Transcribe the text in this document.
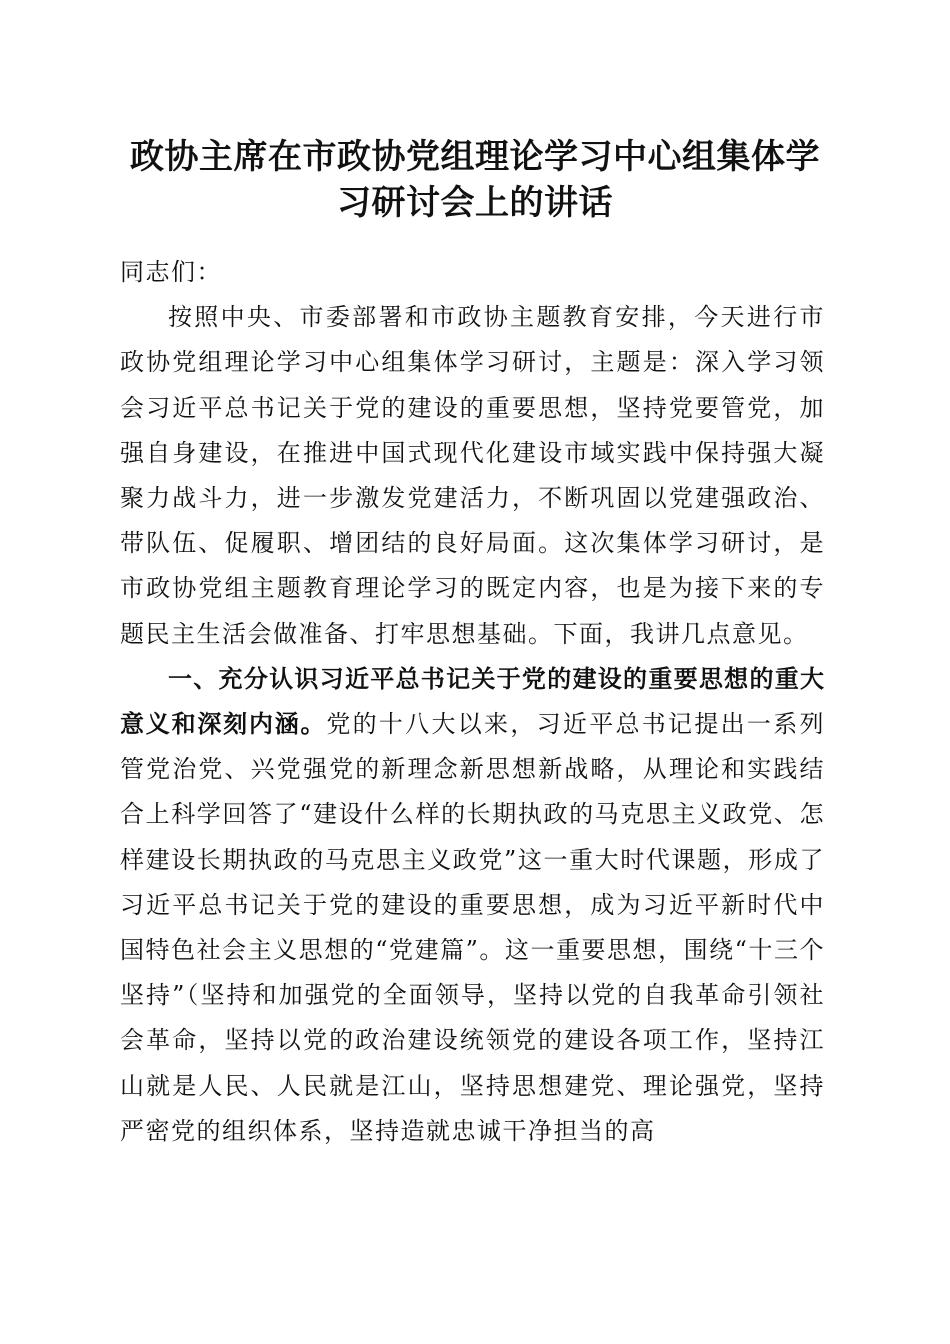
政协主席在市政协党组理论学习中心组集体学
习研讨会上的讲话

同志们：

按照中央、市委部署和市政协主题教育安排，今天进行市政协党组理论学习中心组集体学习研讨，主题是：深入学习领会习近平总书记关于党的建设的重要思想，坚持党要管党，加强自身建设，在推进中国式现代化建设市域实践中保持强大凝聚力战斗力，进一步激发党建活力，不断巩固以党建强政治、带队伍、促履职、增团结的良好局面。这次集体学习研讨，是市政协党组主题教育理论学习的既定内容，也是为接下来的专题民主生活会做准备、打牢思想基础。下面，我讲几点意见。

一、充分认识习近平总书记关于党的建设的重要思想的重大意义和深刻内涵。党的十八大以来，习近平总书记提出一系列管党治党、兴党强党的新理念新思想新战略，从理论和实践结合上科学回答了“建设什么样的长期执政的马克思主义政党、怎样建设长期执政的马克思主义政党”这一重大时代课题，形成了习近平总书记关于党的建设的重要思想，成为习近平新时代中国特色社会主义思想的“党建篇”。这一重要思想，围绕“十三个坚持”（坚持和加强党的全面领导，坚持以党的自我革命引领社会革命，坚持以党的政治建设统领党的建设各项工作，坚持江山就是人民、人民就是江山，坚持思想建党、理论强党，坚持严密党的组织体系，坚持造就忠诚干净担当的高
